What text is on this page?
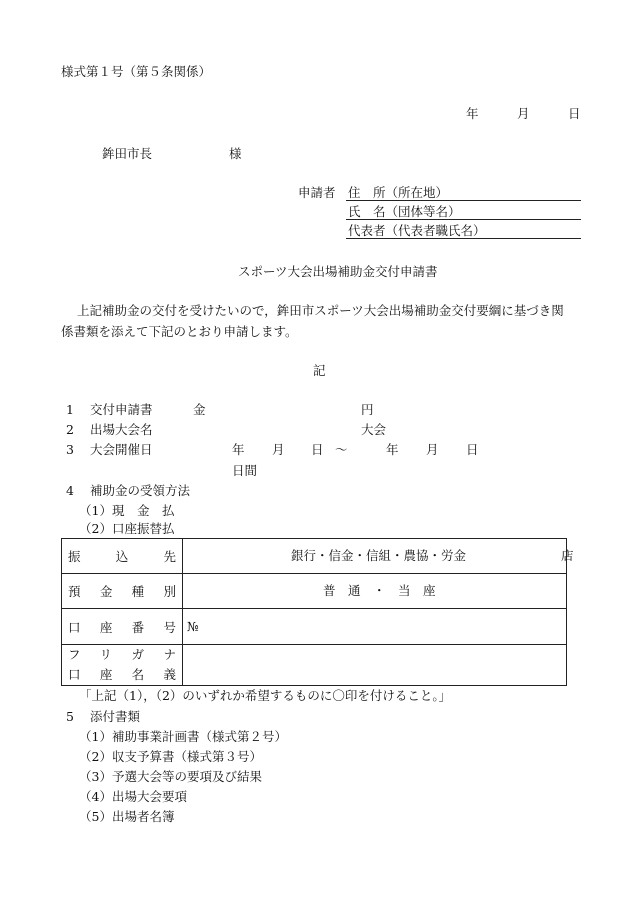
様式第１号（第５条関係）
年	月	日
鉾田市長	様
申請者 住　所（所在地）
氏　名（団体等名）
代表者（代表者職氏名）
スポーツ大会出場補助金交付申請書
上記補助金の交付を受けたいので，鉾田市スポーツ大会出場補助金交付要綱に基づき関
係書類を添えて下記のとおり申請します。
記
1 交付申請書	金	円
2 出場大会名	大会
3 大会開催日	年 月 日 ～	年 月 日
日間
4 補助金の受領方法
（1）現　金　払
（2）口座振替払
振込先	銀行・信金・信組・農協・労金 店

預金種別	普　通　・　当　座

口座番号	№

フリガナ
口座名義	

「上記（1），（2）のいずれか希望するものに〇印を付けること。」
5 添付書類
（1）補助事業計画書（様式第２号）
（2）収支予算書（様式第３号）
（3）予選大会等の要項及び結果
（4）出場大会要項
（5）出場者名簿
